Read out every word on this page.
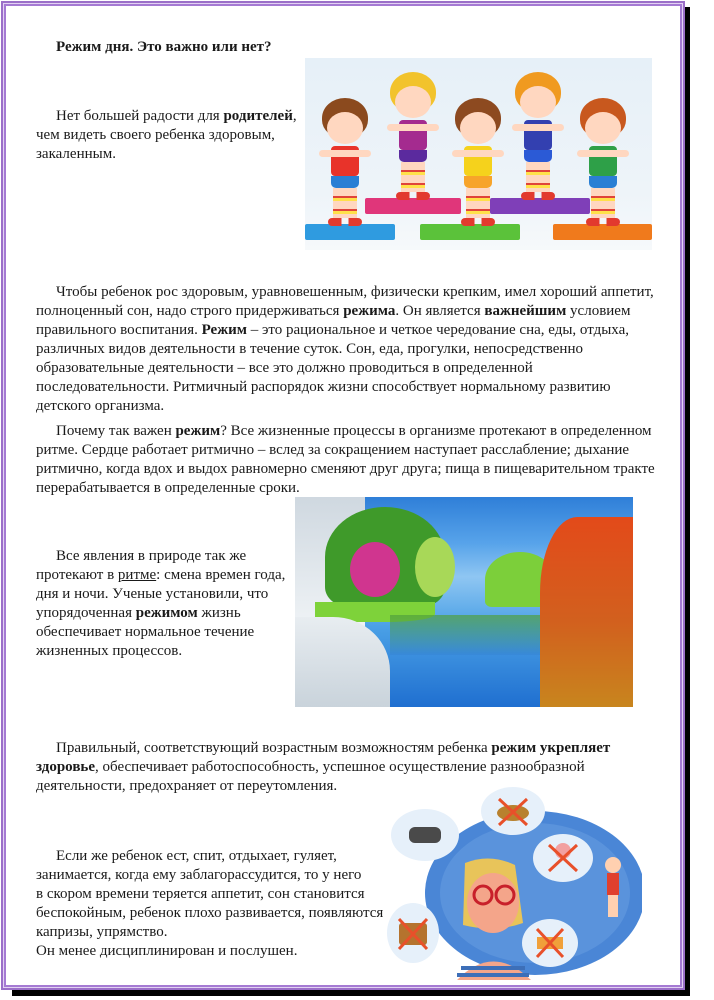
Режим дня. Это важно или нет?
Нет большей радости для родителей, чем видеть своего ребенка здоровым, закаленным.
Чтобы ребенок рос здоровым, уравновешенным, физически крепким, имел хороший аппетит, полноценный сон, надо строго придерживаться режима. Он является важнейшим условием правильного воспитания. Режим – это рациональное и четкое чередование сна, еды, отдыха, различных видов деятельности в течение суток. Сон, еда, прогулки, непосредственно образовательные деятельности – все это должно проводиться в определенной последовательности. Ритмичный распорядок жизни способствует нормальному развитию детского организма.
Почему так важен режим? Все жизненные процессы в организме протекают в определенном ритме. Сердце работает ритмично – вслед за сокращением наступает расслабление; дыхание ритмично, когда вдох и выдох равномерно сменяют друг друга; пища в пищеварительном тракте перерабатывается в определенные сроки.
Все явления в природе так же протекают в ритме: смена времен года, дня и ночи. Ученые установили, что упорядоченная режимом жизнь обеспечивает нормальное течение жизненных процессов.
Правильный, соответствующий возрастным возможностям ребенка режим укрепляет здоровье, обеспечивает работоспособность, успешное осуществление разнообразной деятельности, предохраняет от переутомления.
Если же ребенок ест, спит, отдыхает, гуляет,
занимается, когда ему заблагорассудится, то у него
в скором времени теряется аппетит, сон становится
беспокойным, ребенок плохо развивается, появляются
капризы, упрямство.
Он менее дисциплинирован и послушен.
